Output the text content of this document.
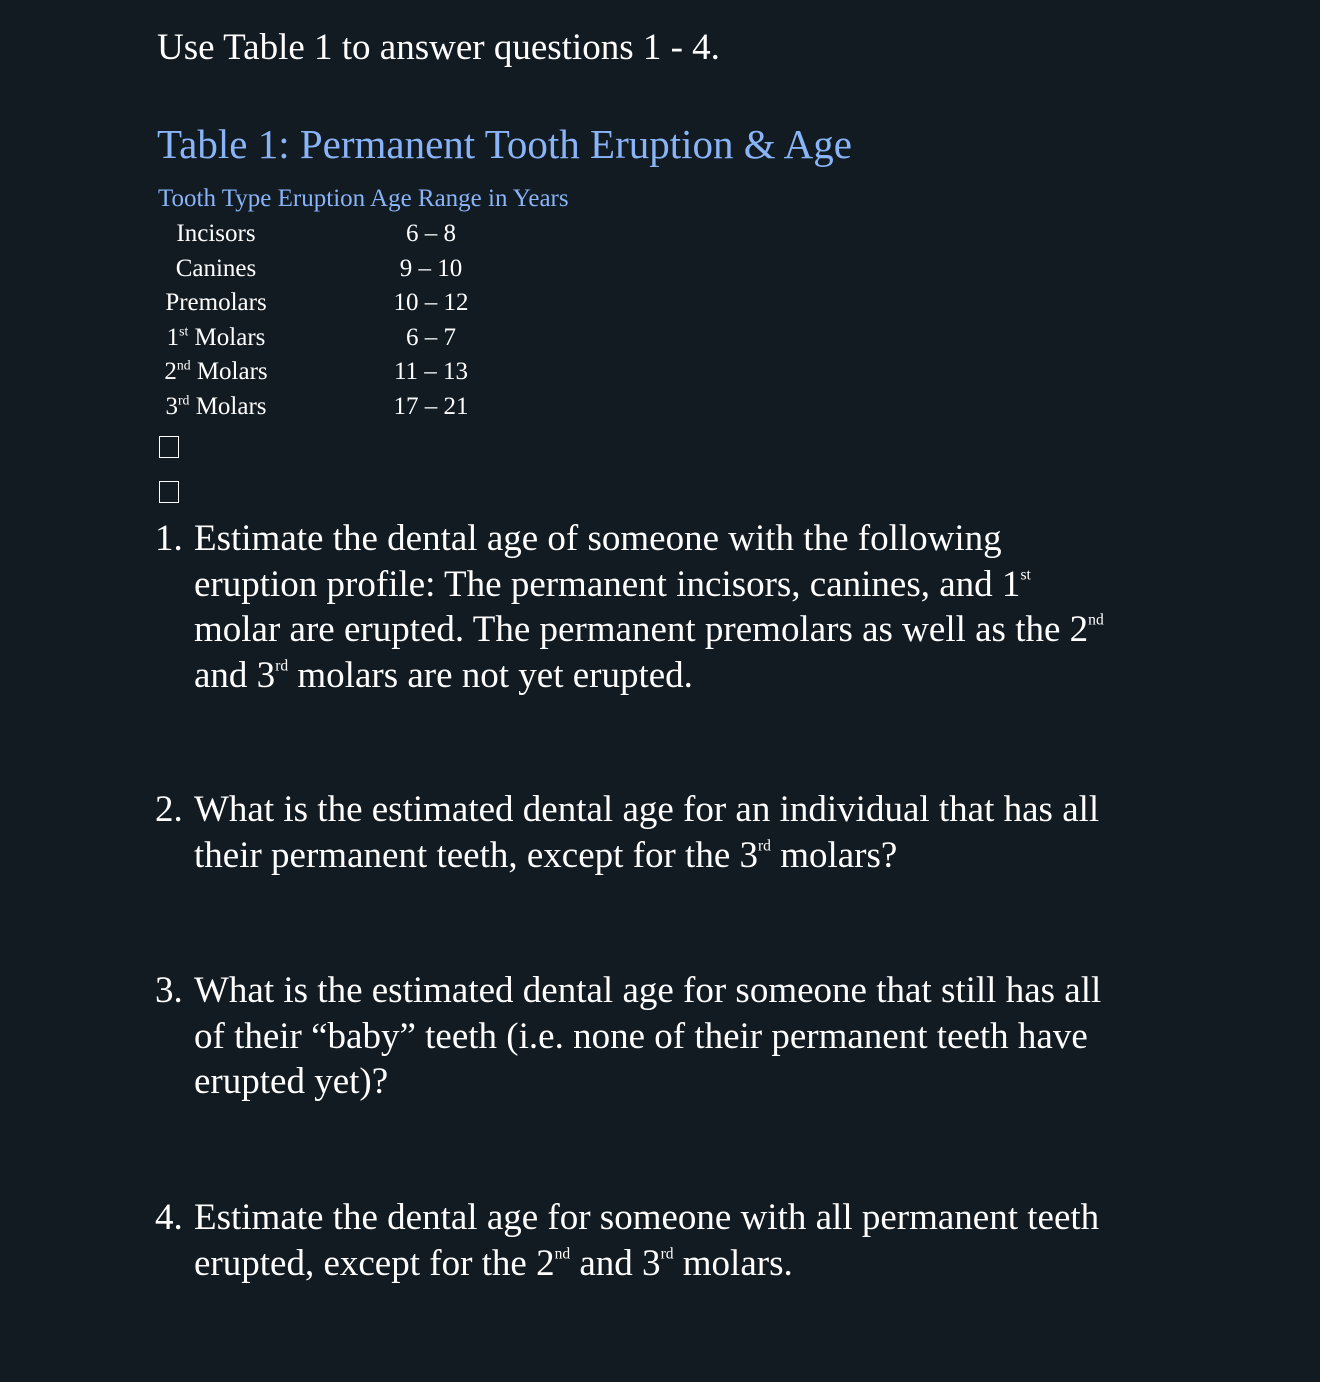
Use Table 1 to answer questions 1 - 4.
Table 1: Permanent Tooth Eruption & Age
Tooth Type Eruption Age Range in Years
Incisors	6 – 8
Canines	9 – 10
Premolars	10 – 12
1st Molars	6 – 7
2nd Molars	11 – 13
3rd Molars	17 – 21
1. Estimate the dental age of someone with the following
eruption profile: The permanent incisors, canines, and 1st
molar are erupted. The permanent premolars as well as the 2nd
and 3rd molars are not yet erupted.
2. What is the estimated dental age for an individual that has all
their permanent teeth, except for the 3rd molars?
3. What is the estimated dental age for someone that still has all
of their “baby” teeth (i.e. none of their permanent teeth have
erupted yet)?
4. Estimate the dental age for someone with all permanent teeth
erupted, except for the 2nd and 3rd molars.
